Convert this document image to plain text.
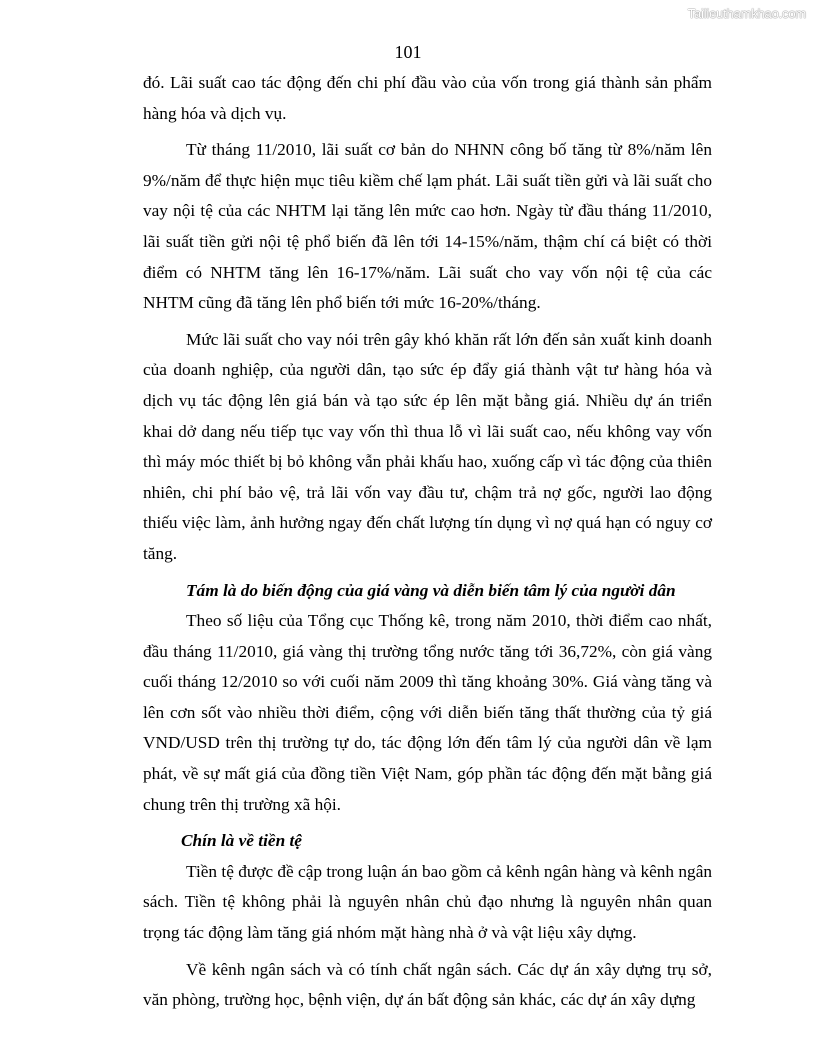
Tailieuthamkhao.com
101

đó. Lãi suất cao tác động đến chi phí đầu vào của vốn trong giá thành sản phẩm hàng hóa và dịch vụ.

Từ tháng 11/2010, lãi suất cơ bản do NHNN công bố tăng từ 8%/năm lên 9%/năm để thực hiện mục tiêu kiềm chế lạm phát. Lãi suất tiền gửi và lãi suất cho vay nội tệ của các NHTM lại tăng lên mức cao hơn. Ngày từ đầu tháng 11/2010, lãi suất tiền gửi nội tệ phổ biến đã lên tới 14-15%/năm, thậm chí cá biệt có thời điểm có NHTM tăng lên 16-17%/năm. Lãi suất cho vay vốn nội tệ của các NHTM cũng đã tăng lên phổ biến tới mức 16-20%/tháng.

Mức lãi suất cho vay nói trên gây khó khăn rất lớn đến sản xuất kinh doanh của doanh nghiệp, của người dân, tạo sức ép đẩy giá thành vật tư hàng hóa và dịch vụ tác động lên giá bán và tạo sức ép lên mặt bằng giá. Nhiều dự án triển khai dở dang nếu tiếp tục vay vốn thì thua lỗ vì lãi suất cao, nếu không vay vốn thì máy móc thiết bị bỏ không vẫn phải khấu hao, xuống cấp vì tác động của thiên nhiên, chi phí bảo vệ, trả lãi vốn vay đầu tư, chậm trả nợ gốc, người lao động thiếu việc làm, ảnh hưởng ngay đến chất lượng tín dụng vì nợ quá hạn có nguy cơ tăng.

Tám là do biến động của giá vàng và diễn biến tâm lý của người dân

Theo số liệu của Tổng cục Thống kê, trong năm 2010, thời điểm cao nhất, đầu tháng 11/2010, giá vàng thị trường tổng nước tăng tới 36,72%, còn giá vàng cuối tháng 12/2010 so với cuối năm 2009 thì tăng khoảng 30%. Giá vàng tăng và lên cơn sốt vào nhiều thời điểm, cộng với diễn biến tăng thất thường của tỷ giá VND/USD trên thị trường tự do, tác động lớn đến tâm lý của người dân về lạm phát, về sự mất giá của đồng tiền Việt Nam, góp phần tác động đến mặt bằng giá chung trên thị trường xã hội.

Chín là về tiền tệ

Tiền tệ được đề cập trong luận án bao gồm cả kênh ngân hàng và kênh ngân sách. Tiền tệ không phải là nguyên nhân chủ đạo nhưng là nguyên nhân quan trọng tác động làm tăng giá nhóm mặt hàng nhà ở và vật liệu xây dựng.

Về kênh ngân sách và có tính chất ngân sách. Các dự án xây dựng trụ sở, văn phòng, trường học, bệnh viện, dự án bất động sản khác, các dự án xây dựng
